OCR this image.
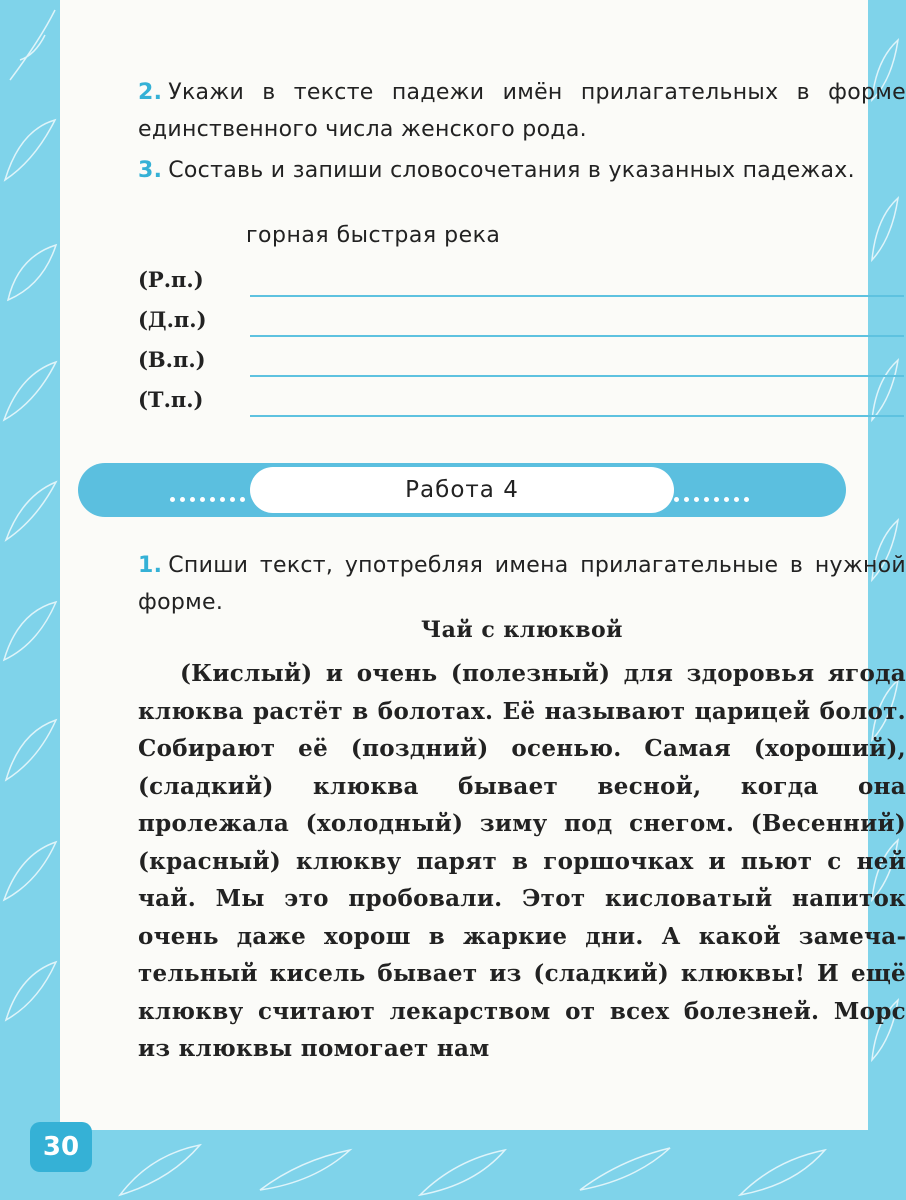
2. Укажи в тексте падежи имён прилагательных в форме единственного числа женского рода.
3. Составь и запиши словосочетания в указанных падежах.
горная быстрая река
(Р.п.)
(Д.п.)
(В.п.)
(Т.п.)
1. Спиши текст, употребляя имена прилагательные в нужной форме.
Чай с клюквой
(Кислый) и очень (полезный) для здоровья ягода клюква растёт в болотах. Её называют царицей болот. Собирают её (поздний) осенью. Самая (хороший), (сладкий) клюква бывает весной, когда она пролежала (холодный) зиму под снегом. (Весенний) (красный) клюкву парят в горшочках и пьют с ней чай. Мы это пробовали. Этот кисловатый напиток очень даже хорош в жаркие дни. А какой замечательный кисель бывает из (сладкий) клюквы! И ещё клюкву считают лекарством от всех болезней. Морс из клюквы помогает нам
Работа 4
30
